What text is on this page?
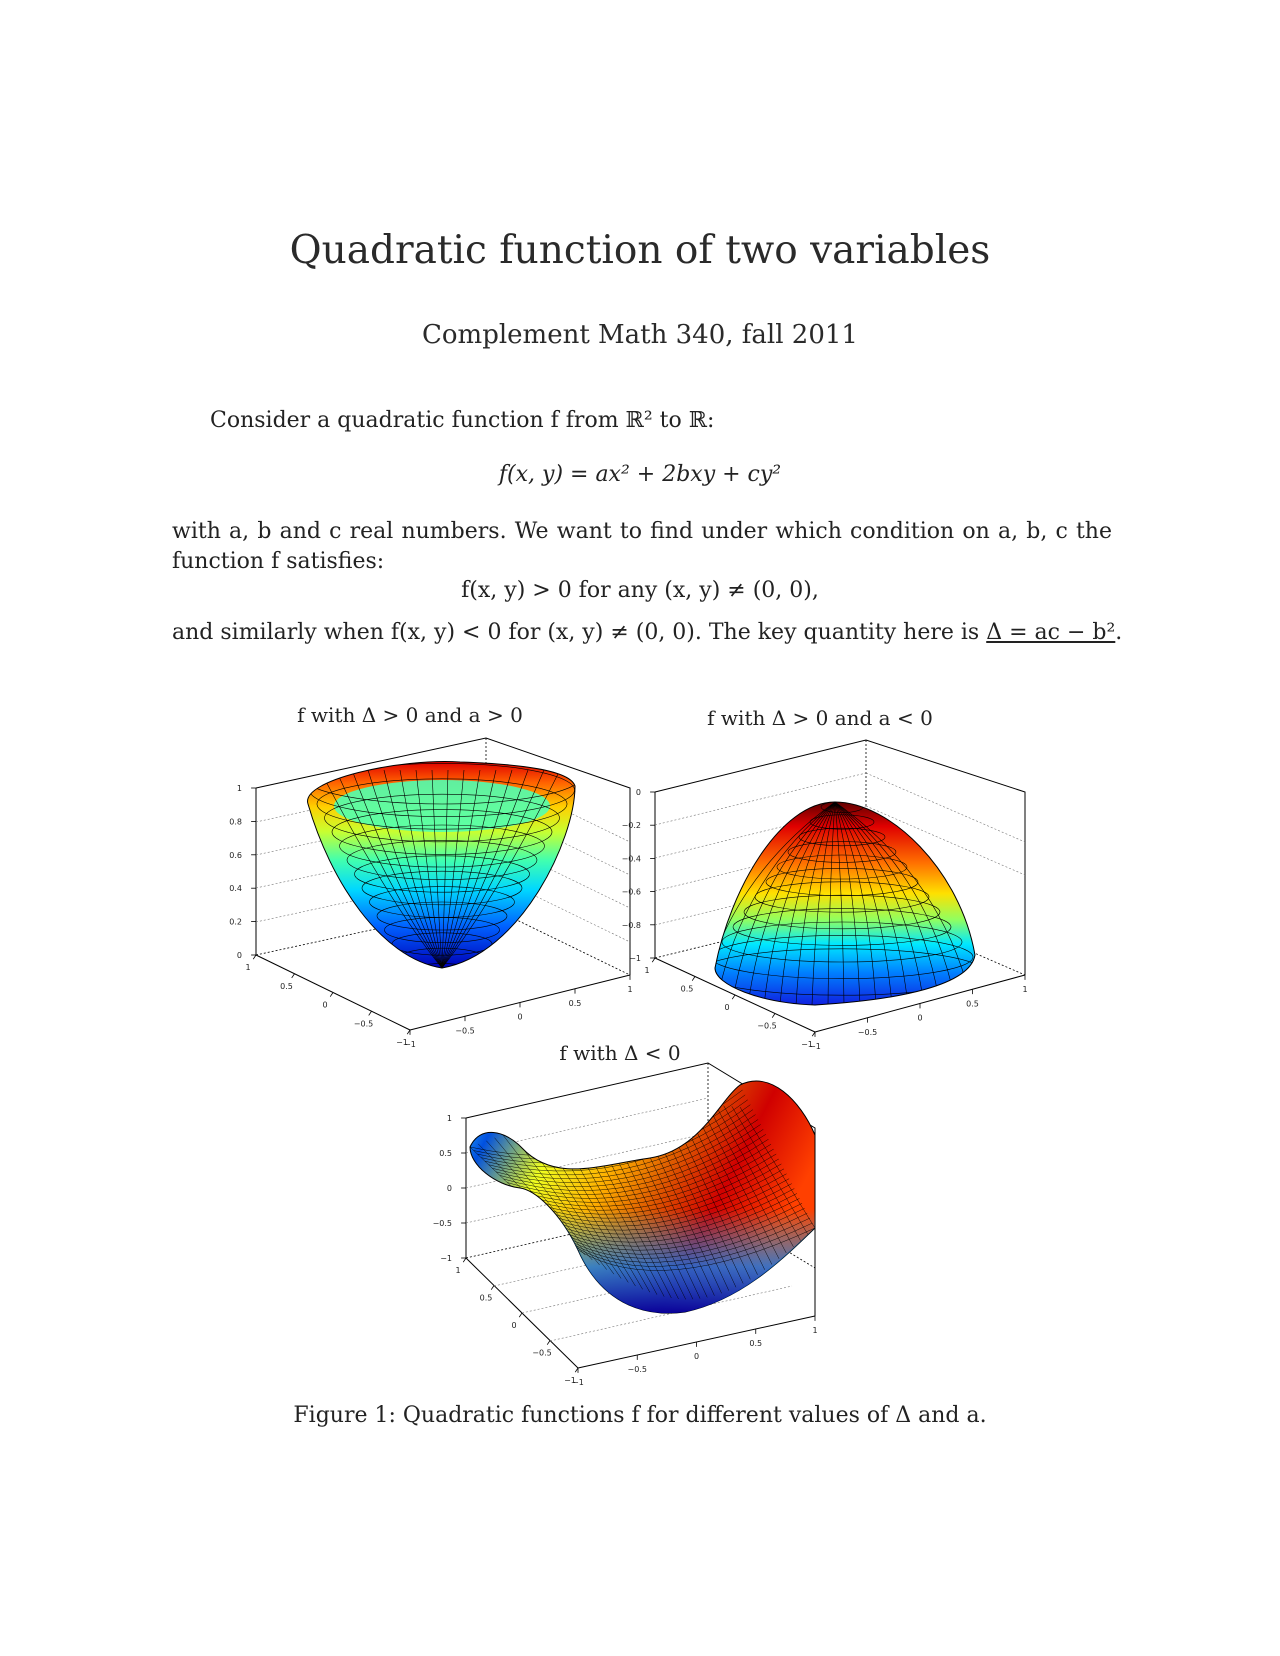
Quadratic function of two variables
Complement Math 340, fall 2011
Consider a quadratic function f from ℝ² to ℝ:
f(x, y) = ax² + 2bxy + cy²
with a, b and c real numbers. We want to find under which condition on a, b, c the
function f satisfies:
f(x, y) > 0 for any (x, y) ≠ (0, 0),
and similarly when f(x, y) < 0 for (x, y) ≠ (0, 0). The key quantity here is Δ = ac − b².
f with Δ > 0 and a > 0	f with Δ > 0 and a < 0
f with Δ < 0
0
0.2
0.4
0.6
0.8
1
−1
−0.5
0
0.5
1
1
0.5
0
−0.5
−1
−1
−0.8
−0.6
−0.4
−0.2
0
−1
−0.5
0
0.5
1
1
0.5
0
−0.5
−1
−1
−0.5
0
0.5
1
−1
−0.5
0
0.5
1
1
0.5
0
−0.5
−1
Figure 1: Quadratic functions f for different values of Δ and a.
